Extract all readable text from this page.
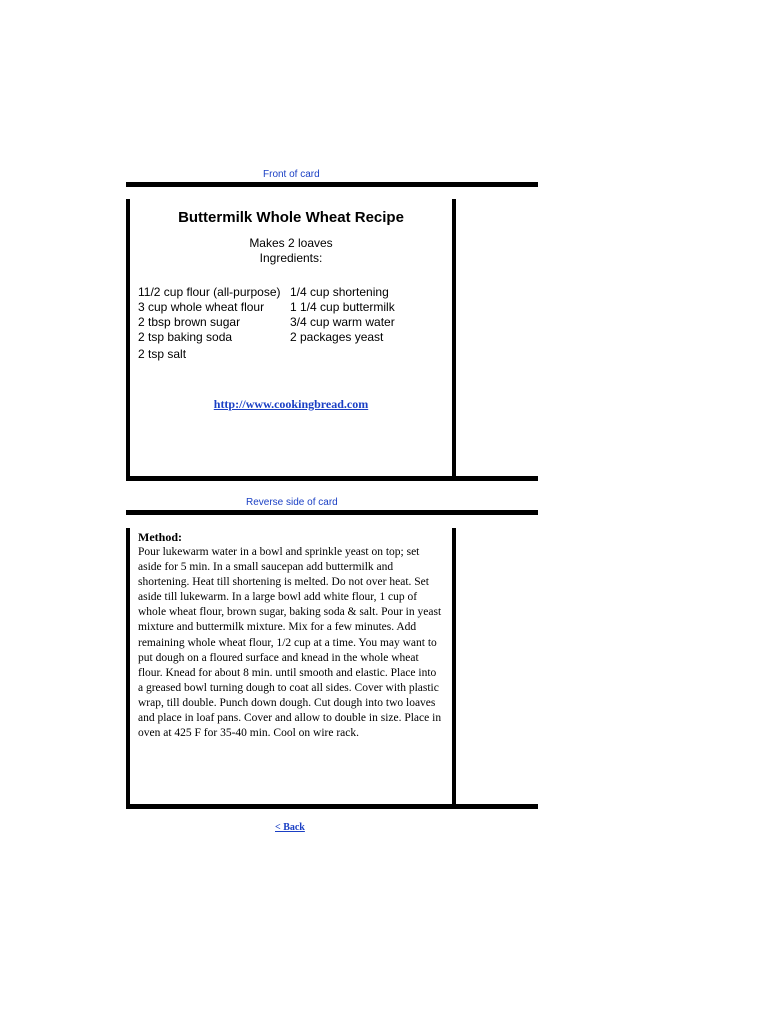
Front of card
Buttermilk Whole Wheat Recipe
Makes 2 loaves
Ingredients:
11/2 cup flour (all-purpose)
3 cup whole wheat flour
2 tbsp brown sugar
2 tsp baking soda
2 tsp salt
1/4 cup shortening
1 1/4 cup buttermilk
3/4 cup warm water
2 packages yeast
http://www.cookingbread.com
Reverse side of card
Method:
Pour lukewarm water in a bowl and sprinkle yeast on top; set aside for 5 min. In a small saucepan add buttermilk and shortening. Heat till shortening is melted. Do not over heat. Set aside till lukewarm. In a large bowl add white flour, 1 cup of whole wheat flour, brown sugar, baking soda & salt. Pour in yeast mixture and buttermilk mixture. Mix for a few minutes. Add remaining whole wheat flour, 1/2 cup at a time. You may want to put dough on a floured surface and knead in the whole wheat flour. Knead for about 8 min. until smooth and elastic. Place into a greased bowl turning dough to coat all sides. Cover with plastic wrap, till double. Punch down dough. Cut dough into two loaves and place in loaf pans. Cover and allow to double in size. Place in oven at 425 F for 35-40 min. Cool on wire rack.
< Back
